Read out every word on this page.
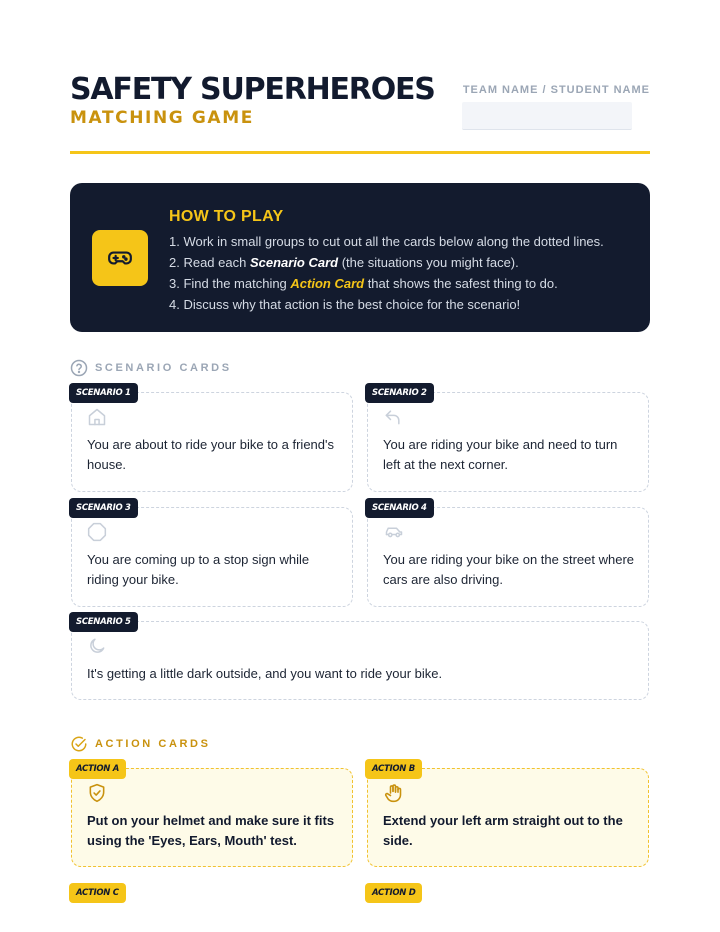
SAFETY SUPERHEROES
MATCHING GAME
TEAM NAME / STUDENT NAME
HOW TO PLAY
1. Work in small groups to cut out all the cards below along the dotted lines.
2. Read each Scenario Card (the situations you might face).
3. Find the matching Action Card that shows the safest thing to do.
4. Discuss why that action is the best choice for the scenario!
SCENARIO CARDS
You are about to ride your bike to a friend's house.
SCENARIO 1
You are riding your bike and need to turn left at the next corner.
SCENARIO 2
You are coming up to a stop sign while riding your bike.
SCENARIO 3
You are riding your bike on the street where cars are also driving.
SCENARIO 4
It's getting a little dark outside, and you want to ride your bike.
SCENARIO 5
ACTION CARDS
Put on your helmet and make sure it fits using the 'Eyes, Ears, Mouth' test.
ACTION A
Extend your left arm straight out to the side.
ACTION B
ACTION C	ACTION D
